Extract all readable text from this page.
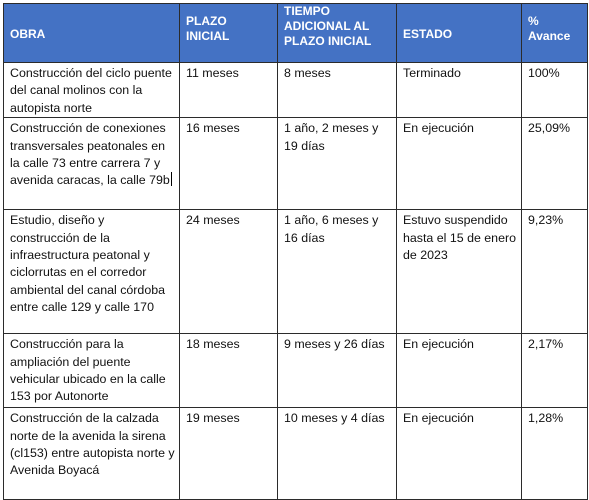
OBRA	PLAZO INICIAL	TIEMPO ADICIONAL AL PLAZO INICIAL	ESTADO	% Avance
Construcción del ciclo puente del canal molinos con la autopista norte	11 meses	8 meses	Terminado	100%
Construcción de conexiones transversales peatonales en la calle 73 entre carrera 7 y avenida caracas, la calle 79b	16 meses	1 año, 2 meses y 19 días	En ejecución	25,09%
Estudio, diseño y construcción de la infraestructura peatonal y ciclorrutas en el corredor ambiental del canal córdoba entre calle 129 y calle 170	24 meses	1 año, 6 meses y 16 días	Estuvo suspendido hasta el 15 de enero de 2023	9,23%
Construcción para la ampliación del puente vehicular ubicado en la calle 153 por Autonorte	18 meses	9 meses y 26 días	En ejecución	2,17%
Construcción de la calzada norte de la avenida la sirena (cl153) entre autopista norte y Avenida Boyacá	19 meses	10 meses y 4 días	En ejecución	1,28%
